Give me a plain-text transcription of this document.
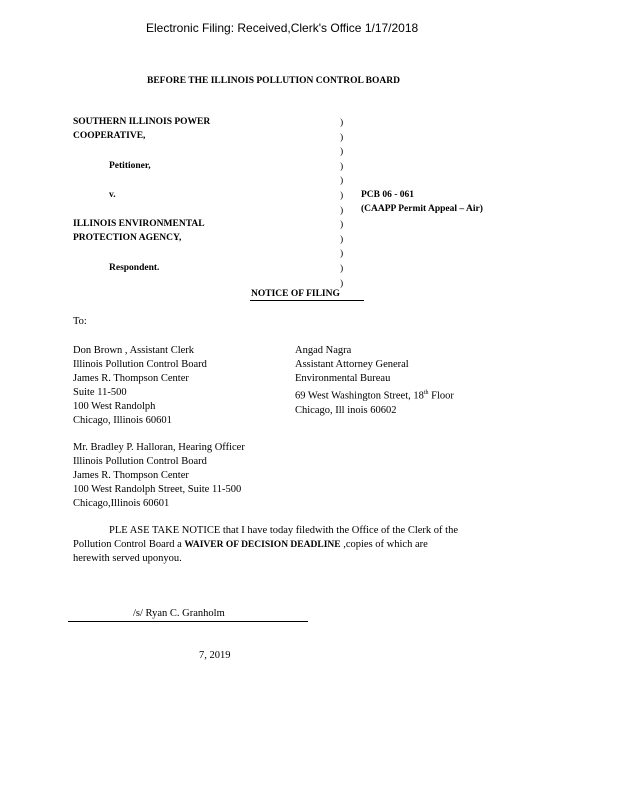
Electronic Filing: Received,Clerk's Office 1/17/2018
BEFORE THE ILLINOIS POLLUTION CONTROL BOARD
SOUTHERN ILLINOIS POWER
COOPERATIVE,
Petitioner,
v.
ILLINOIS ENVIRONMENTAL
PROTECTION AGENCY,
Respondent.
)
)
)
)
)
)
)
)
)
)
)
)
PCB 06 - 061
(CAAPP Permit Appeal – Air)
NOTICE OF FILING
To:
Don Brown , Assistant Clerk
Illinois Pollution Control Board
James R. Thompson Center
Suite 11-500
100 West Randolph
Chicago, Illinois 60601
Angad Nagra
Assistant Attorney General
Environmental Bureau
69 West Washington Street, 18th Floor
Chicago, Ill inois 60602
Mr. Bradley P. Halloran, Hearing Officer
Illinois Pollution Control Board
James R. Thompson Center
100 West Randolph Street, Suite 11-500
Chicago,Illinois 60601
PLE ASE TAKE NOTICE that I have today filedwith the Office of the Clerk of the
Pollution Control Board a WAIVER OF DECISION DEADLINE ,copies of which are
herewith served uponyou.
/s/ Ryan C. Granholm
7, 2019
